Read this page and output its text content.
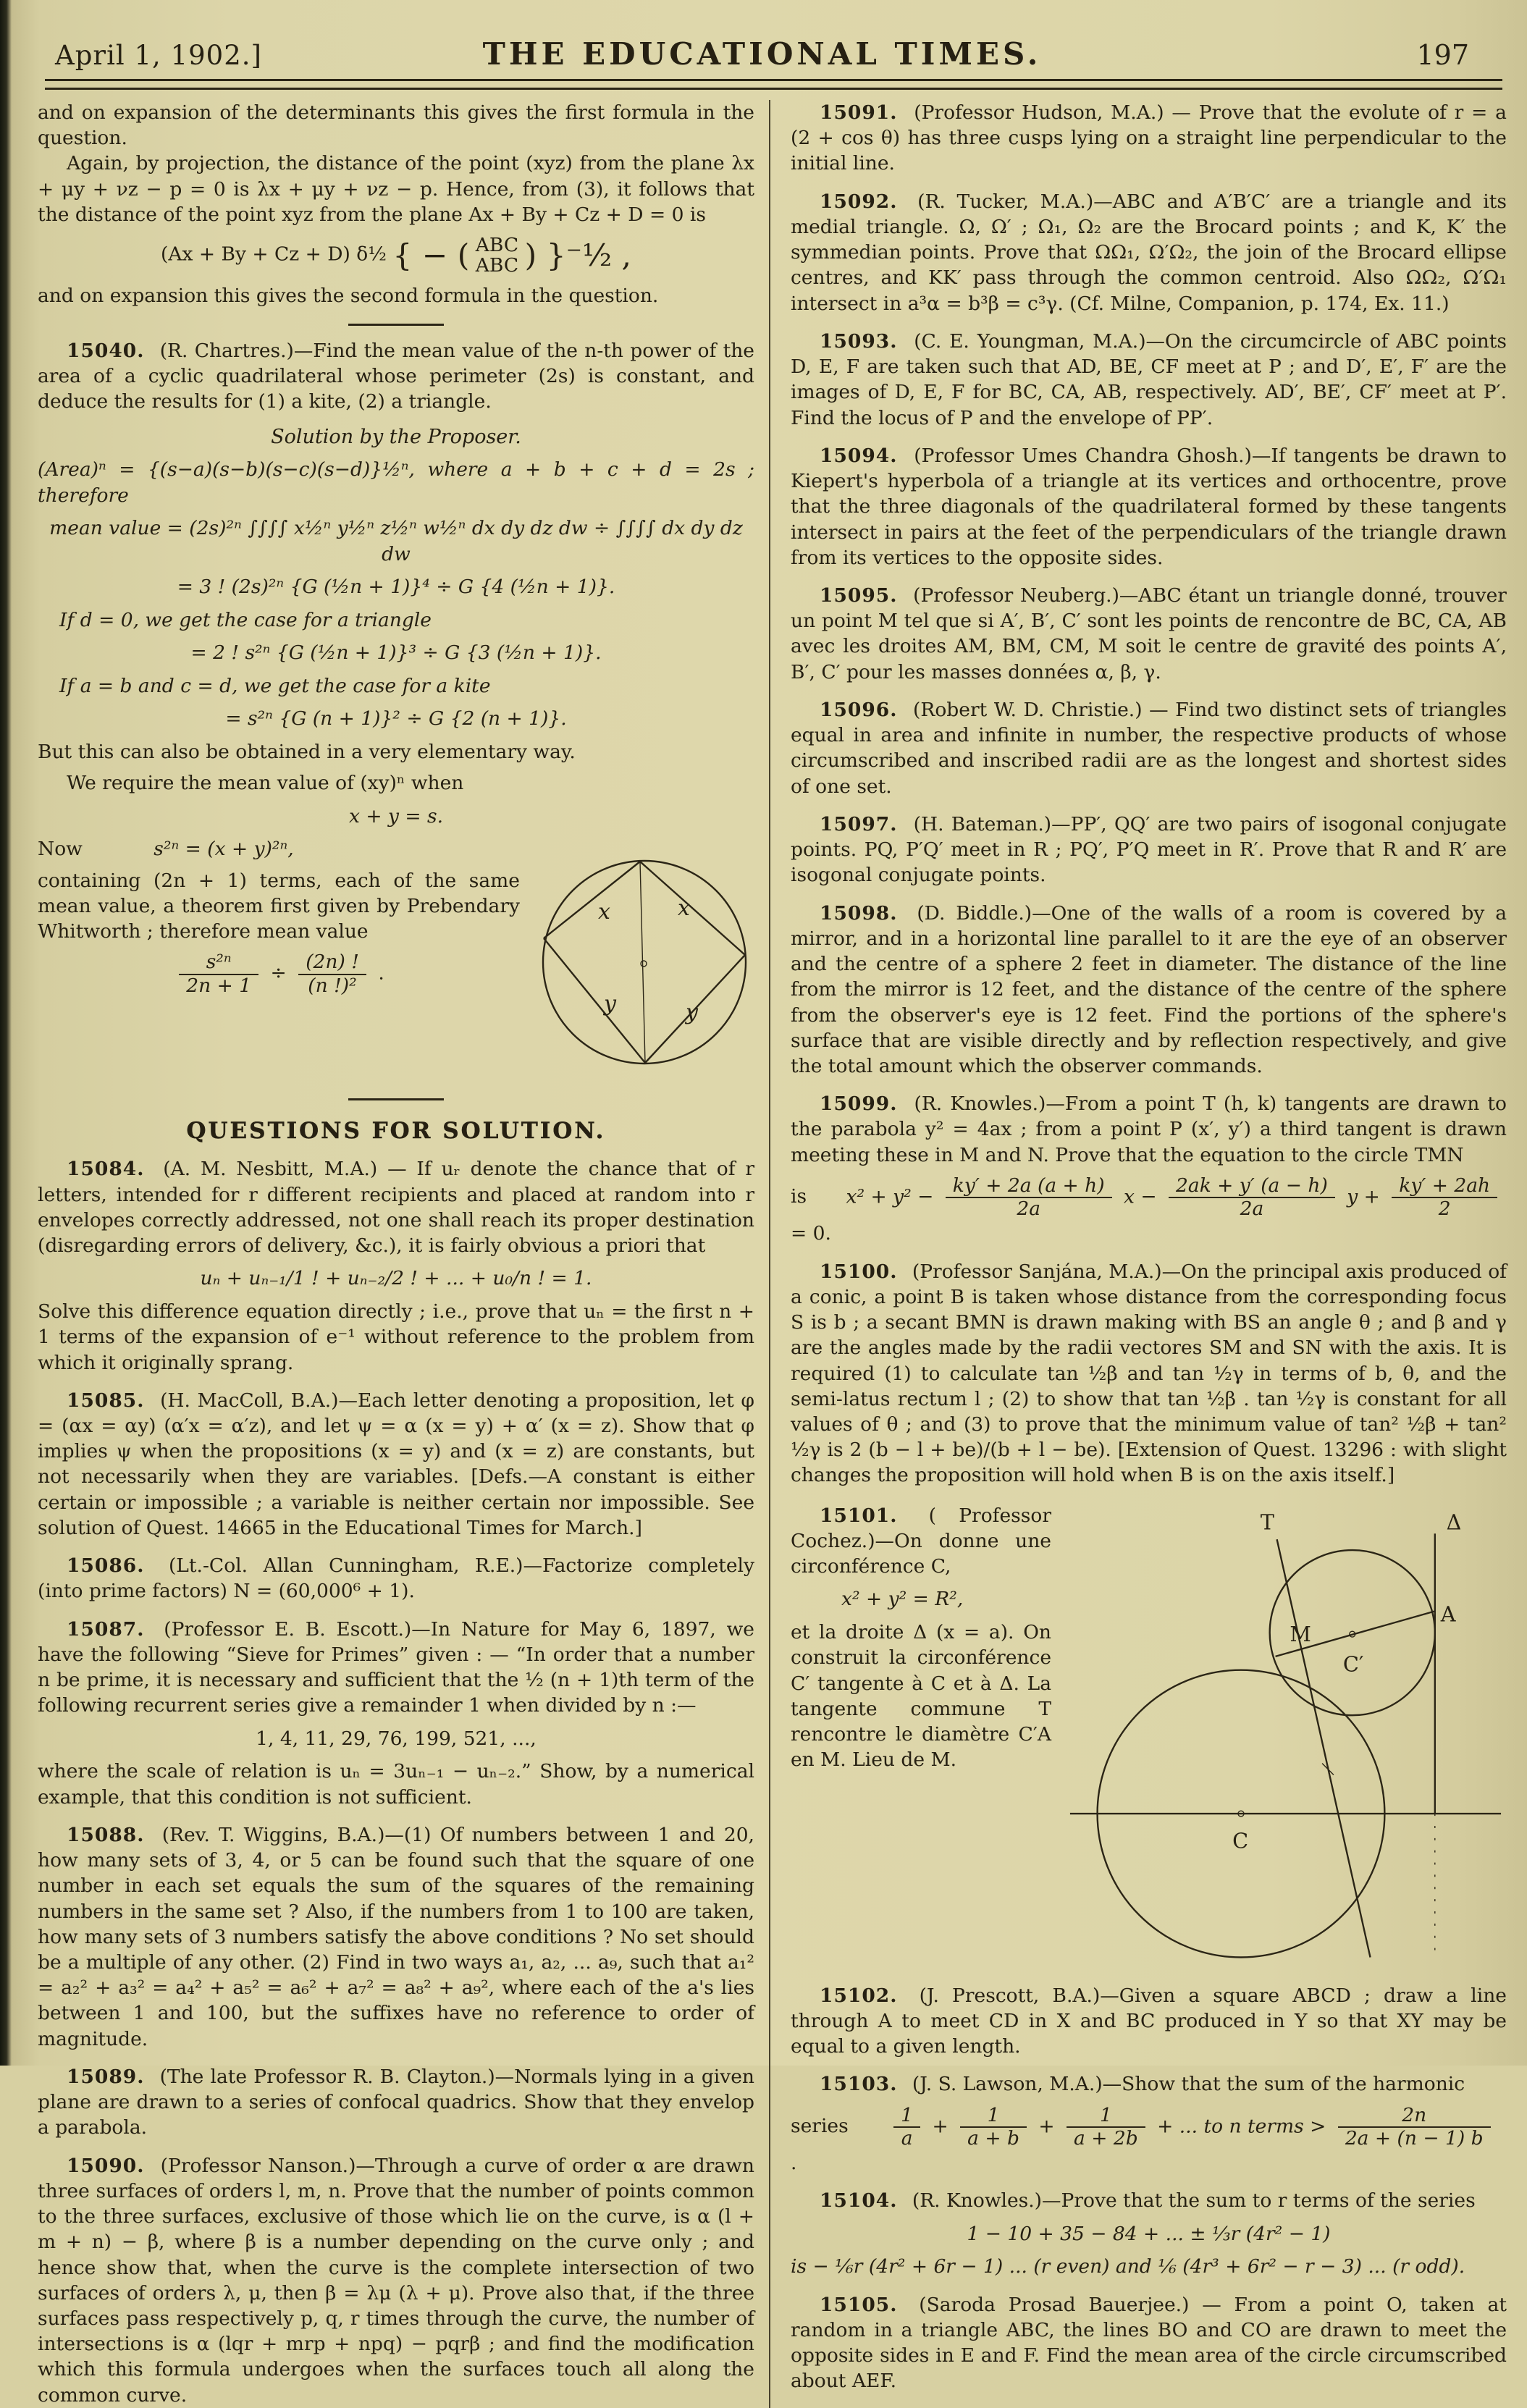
April 1, 1902.]	THE EDUCATIONAL TIMES.	197

and on expansion of the determinants this gives the first formula in the question.

Again, by projection, the distance of the point (xyz) from the plane λx + μy + νz − p = 0 is λx + μy + νz − p. Hence, from (3), it follows that the distance of the point xyz from the plane Ax + By + Cz + D = 0 is

(Ax + By + Cz + D) δ½ { − ( ABC
ABC ) }⁻½ ,

and on expansion this gives the second formula in the question.

15040. (R. Chartres.)—Find the mean value of the n-th power of the area of a cyclic quadrilateral whose perimeter (2s) is constant, and deduce the results for (1) a kite, (2) a triangle.

Solution by the Proposer.

(Area)ⁿ = {(s−a)(s−b)(s−c)(s−d)}½ⁿ, where a + b + c + d = 2s ; therefore

mean value = (2s)²ⁿ ∫∫∫∫ x½ⁿ y½ⁿ z½ⁿ w½ⁿ dx dy dz dw ÷ ∫∫∫∫ dx dy dz dw
= 3 ! (2s)²ⁿ {G (½n + 1)}⁴ ÷ G {4 (½n + 1)}.

If d = 0, we get the case for a triangle

= 2 ! s²ⁿ {G (½n + 1)}³ ÷ G {3 (½n + 1)}.

If a = b and c = d, we get the case for a kite

= s²ⁿ {G (n + 1)}² ÷ G {2 (n + 1)}.

But this can also be obtained in a very elementary way.

We require the mean value of (xy)ⁿ when

x + y = s.
x	x
y	y

Now	s²ⁿ = (x + y)²ⁿ,

containing (2n + 1) terms, each of the same mean value, a theorem first given by Prebendary Whitworth ; therefore mean value

$\frac{\text{s²ⁿ}}{2n + 1} \div \frac{(2n) !}{\text{(n !)²}}$ .
QUESTIONS FOR SOLUTION.

15084. (A. M. Nesbitt, M.A.) — If uᵣ denote the chance that of r letters, intended for r different recipients and placed at random into r envelopes correctly addressed, not one shall reach its proper destination (disregarding errors of delivery, &c.), it is fairly obvious a priori that

uₙ + uₙ₋₁/1 ! + uₙ₋₂/2 ! + ... + u₀/n ! = 1.

Solve this difference equation directly ; i.e., prove that uₙ = the first n + 1 terms of the expansion of e⁻¹ without reference to the problem from which it originally sprang.

15085. (H. MacColl, B.A.)—Each letter denoting a proposition, let φ = (αx = αy) (α′x = α′z), and let ψ = α (x = y) + α′ (x = z). Show that φ implies ψ when the propositions (x = y) and (x = z) are constants, but not necessarily when they are variables. [Defs.—A constant is either certain or impossible ; a variable is neither certain nor impossible. See solution of Quest. 14665 in the Educational Times for March.]

15086. (Lt.-Col. Allan Cunningham, R.E.)—Factorize completely (into prime factors) N = (60,000⁶ + 1).

15087. (Professor E. B. Escott.)—In Nature for May 6, 1897, we have the following “Sieve for Primes” given : — “In order that a number n be prime, it is necessary and sufficient that the ½ (n + 1)th term of the following recurrent series give a remainder 1 when divided by n :—

1, 4, 11, 29, 76, 199, 521, ...,

where the scale of relation is uₙ = 3uₙ₋₁ − uₙ₋₂.” Show, by a numerical example, that this condition is not sufficient.

15088. (Rev. T. Wiggins, B.A.)—(1) Of numbers between 1 and 20, how many sets of 3, 4, or 5 can be found such that the square of one number in each set equals the sum of the squares of the remaining numbers in the same set ? Also, if the numbers from 1 to 100 are taken, how many sets of 3 numbers satisfy the above conditions ? No set should be a multiple of any other. (2) Find in two ways a₁, a₂, ... a₉, such that a₁² = a₂² + a₃² = a₄² + a₅² = a₆² + a₇² = a₈² + a₉², where each of the a's lies between 1 and 100, but the suffixes have no reference to order of magnitude.

15089. (The late Professor R. B. Clayton.)—Normals lying in a given plane are drawn to a series of confocal quadrics. Show that they envelop a parabola.

15090. (Professor Nanson.)—Through a curve of order α are drawn three surfaces of orders l, m, n. Prove that the number of points common to the three surfaces, exclusive of those which lie on the curve, is α (l + m + n) − β, where β is a number depending on the curve only ; and hence show that, when the curve is the complete intersection of two surfaces of orders λ, μ, then β = λμ (λ + μ). Prove also that, if the three surfaces pass respectively p, q, r times through the curve, the number of intersections is α (lqr + mrp + npq) − pqrβ ; and find the modification which this formula undergoes when the surfaces touch all along the common curve.

15091. (Professor Hudson, M.A.) — Prove that the evolute of r = a (2 + cos θ) has three cusps lying on a straight line perpendicular to the initial line.

15092. (R. Tucker, M.A.)—ABC and A′B′C′ are a triangle and its medial triangle. Ω, Ω′ ; Ω₁, Ω₂ are the Brocard points ; and K, K′ the symmedian points. Prove that ΩΩ₁, Ω′Ω₂, the join of the Brocard ellipse centres, and KK′ pass through the common centroid. Also ΩΩ₂, Ω′Ω₁ intersect in a³α = b³β = c³γ. (Cf. Milne, Companion, p. 174, Ex. 11.)

15093. (C. E. Youngman, M.A.)—On the circumcircle of ABC points D, E, F are taken such that AD, BE, CF meet at P ; and D′, E′, F′ are the images of D, E, F for BC, CA, AB, respectively. AD′, BE′, CF′ meet at P′. Find the locus of P and the envelope of PP′.

15094. (Professor Umes Chandra Ghosh.)—If tangents be drawn to Kiepert's hyperbola of a triangle at its vertices and orthocentre, prove that the three diagonals of the quadrilateral formed by these tangents intersect in pairs at the feet of the perpendiculars of the triangle drawn from its vertices to the opposite sides.

15095. (Professor Neuberg.)—ABC étant un triangle donné, trouver un point M tel que si A′, B′, C′ sont les points de rencontre de BC, CA, AB avec les droites AM, BM, CM, M soit le centre de gravité des points A′, B′, C′ pour les masses données α, β, γ.

15096. (Robert W. D. Christie.) — Find two distinct sets of triangles equal in area and infinite in number, the respective products of whose circumscribed and inscribed radii are as the longest and shortest sides of one set.

15097. (H. Bateman.)—PP′, QQ′ are two pairs of isogonal conjugate points. PQ, P′Q′ meet in R ; PQ′, P′Q meet in R′. Prove that R and R′ are isogonal conjugate points.

15098. (D. Biddle.)—One of the walls of a room is covered by a mirror, and in a horizontal line parallel to it are the eye of an observer and the centre of a sphere 2 feet in diameter. The distance of the line from the mirror is 12 feet, and the distance of the centre of the sphere from the observer's eye is 12 feet. Find the portions of the sphere's surface that are visible directly and by reflection respectively, and give the total amount which the observer commands.

15099. (R. Knowles.)—From a point T (h, k) tangents are drawn to the parabola y² = 4ax ; from a point P (x′, y′) a third tangent is drawn meeting these in M and N. Prove that the equation to the circle TMN

is $x^2 + y^2 - \frac{ky' + 2a (a + h)}{2a}$ $x - \frac{2ak + y' (a - h)}{2a}$ $y + \frac{ky' + 2ah}{2}$
= 0.

15100. (Professor Sanjána, M.A.)—On the principal axis produced of a conic, a point B is taken whose distance from the corresponding focus S is b ; a secant BMN is drawn making with BS an angle θ ; and β and γ are the angles made by the radii vectores SM and SN with the axis. It is required (1) to calculate tan ½β and tan ½γ in terms of b, θ, and the semi-latus rectum l ; (2) to show that tan ½β . tan ½γ is constant for all values of θ ; and (3) to prove that the minimum value of tan² ½β + tan² ½γ is 2 (b − l + be)/(b + l − be). [Extension of Quest. 13296 : with slight changes the proposition will hold when B is on the axis itself.]

T	Δ
M
C′
A
C

15101. ( Professor Cochez.)—On donne une circonférence C,

x² + y² = R²,

et la droite Δ (x = a). On construit la circonférence C′ tangente à C et à Δ. La tangente commune T rencontre le diamètre C′A en M. Lieu de M.

15102. (J. Prescott, B.A.)—Given a square ABCD ; draw a line through A to meet CD in X and BC produced in Y so that XY may be equal to a given length.

15103. (J. S. Lawson, M.A.)—Show that the sum of the harmonic

series $\frac{1}{a} + \frac{1}{a + b} + \frac{1}{a + 2b}$ + ... to n terms > $\frac{2n}{2a + (n - 1) b}$
.

15104. (R. Knowles.)—Prove that the sum to r terms of the series

1 − 10 + 35 − 84 + ... ± ⅓r (4r² − 1)

is − ⅙r (4r² + 6r − 1) ... (r even) and ⅙ (4r³ + 6r² − r − 3) ... (r odd).

15105. (Saroda Prosad Bauerjee.) — From a point O, taken at random in a triangle ABC, the lines BO and CO are drawn to meet the opposite sides in E and F. Find the mean area of the circle circumscribed about AEF.
